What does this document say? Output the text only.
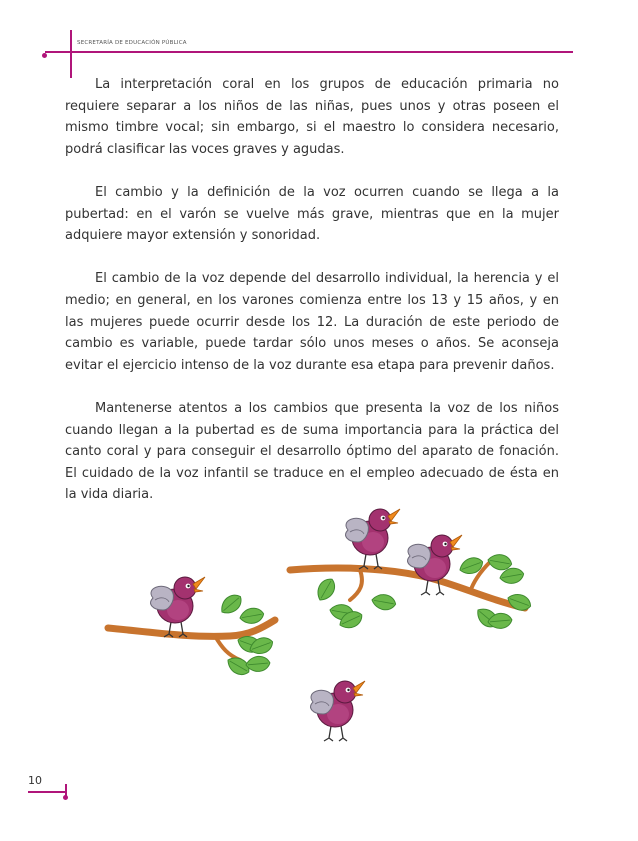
SECRETARÍA DE EDUCACIÓN PÚBLICA

La interpretación coral en los grupos de educación primaria no requiere separar a los niños de las niñas, pues unos y otras poseen el mismo timbre vocal; sin embargo, si el maestro lo considera necesario, podrá clasificar las voces graves y agudas.

El cambio y la definición de la voz ocurren cuando se llega a la pubertad: en el varón se vuelve más grave, mientras que en la mujer adquiere mayor extensión y sonoridad.

El cambio de la voz depende del desarrollo individual, la herencia y el medio; en general, en los varones comienza entre los 13 y 15 años, y en las mujeres puede ocurrir desde los 12. La duración de este periodo de cambio es variable, puede tardar sólo unos meses o años. Se aconseja evitar el ejercicio intenso de la voz durante esa etapa para prevenir daños.

Mantenerse atentos a los cambios que presenta la voz de los niños cuando llegan a la pubertad es de suma importancia para la práctica del canto coral y para conseguir el desarrollo óptimo del aparato de fonación. El cuidado de la voz infantil se traduce en el empleo adecuado de ésta en la vida diaria.

10
